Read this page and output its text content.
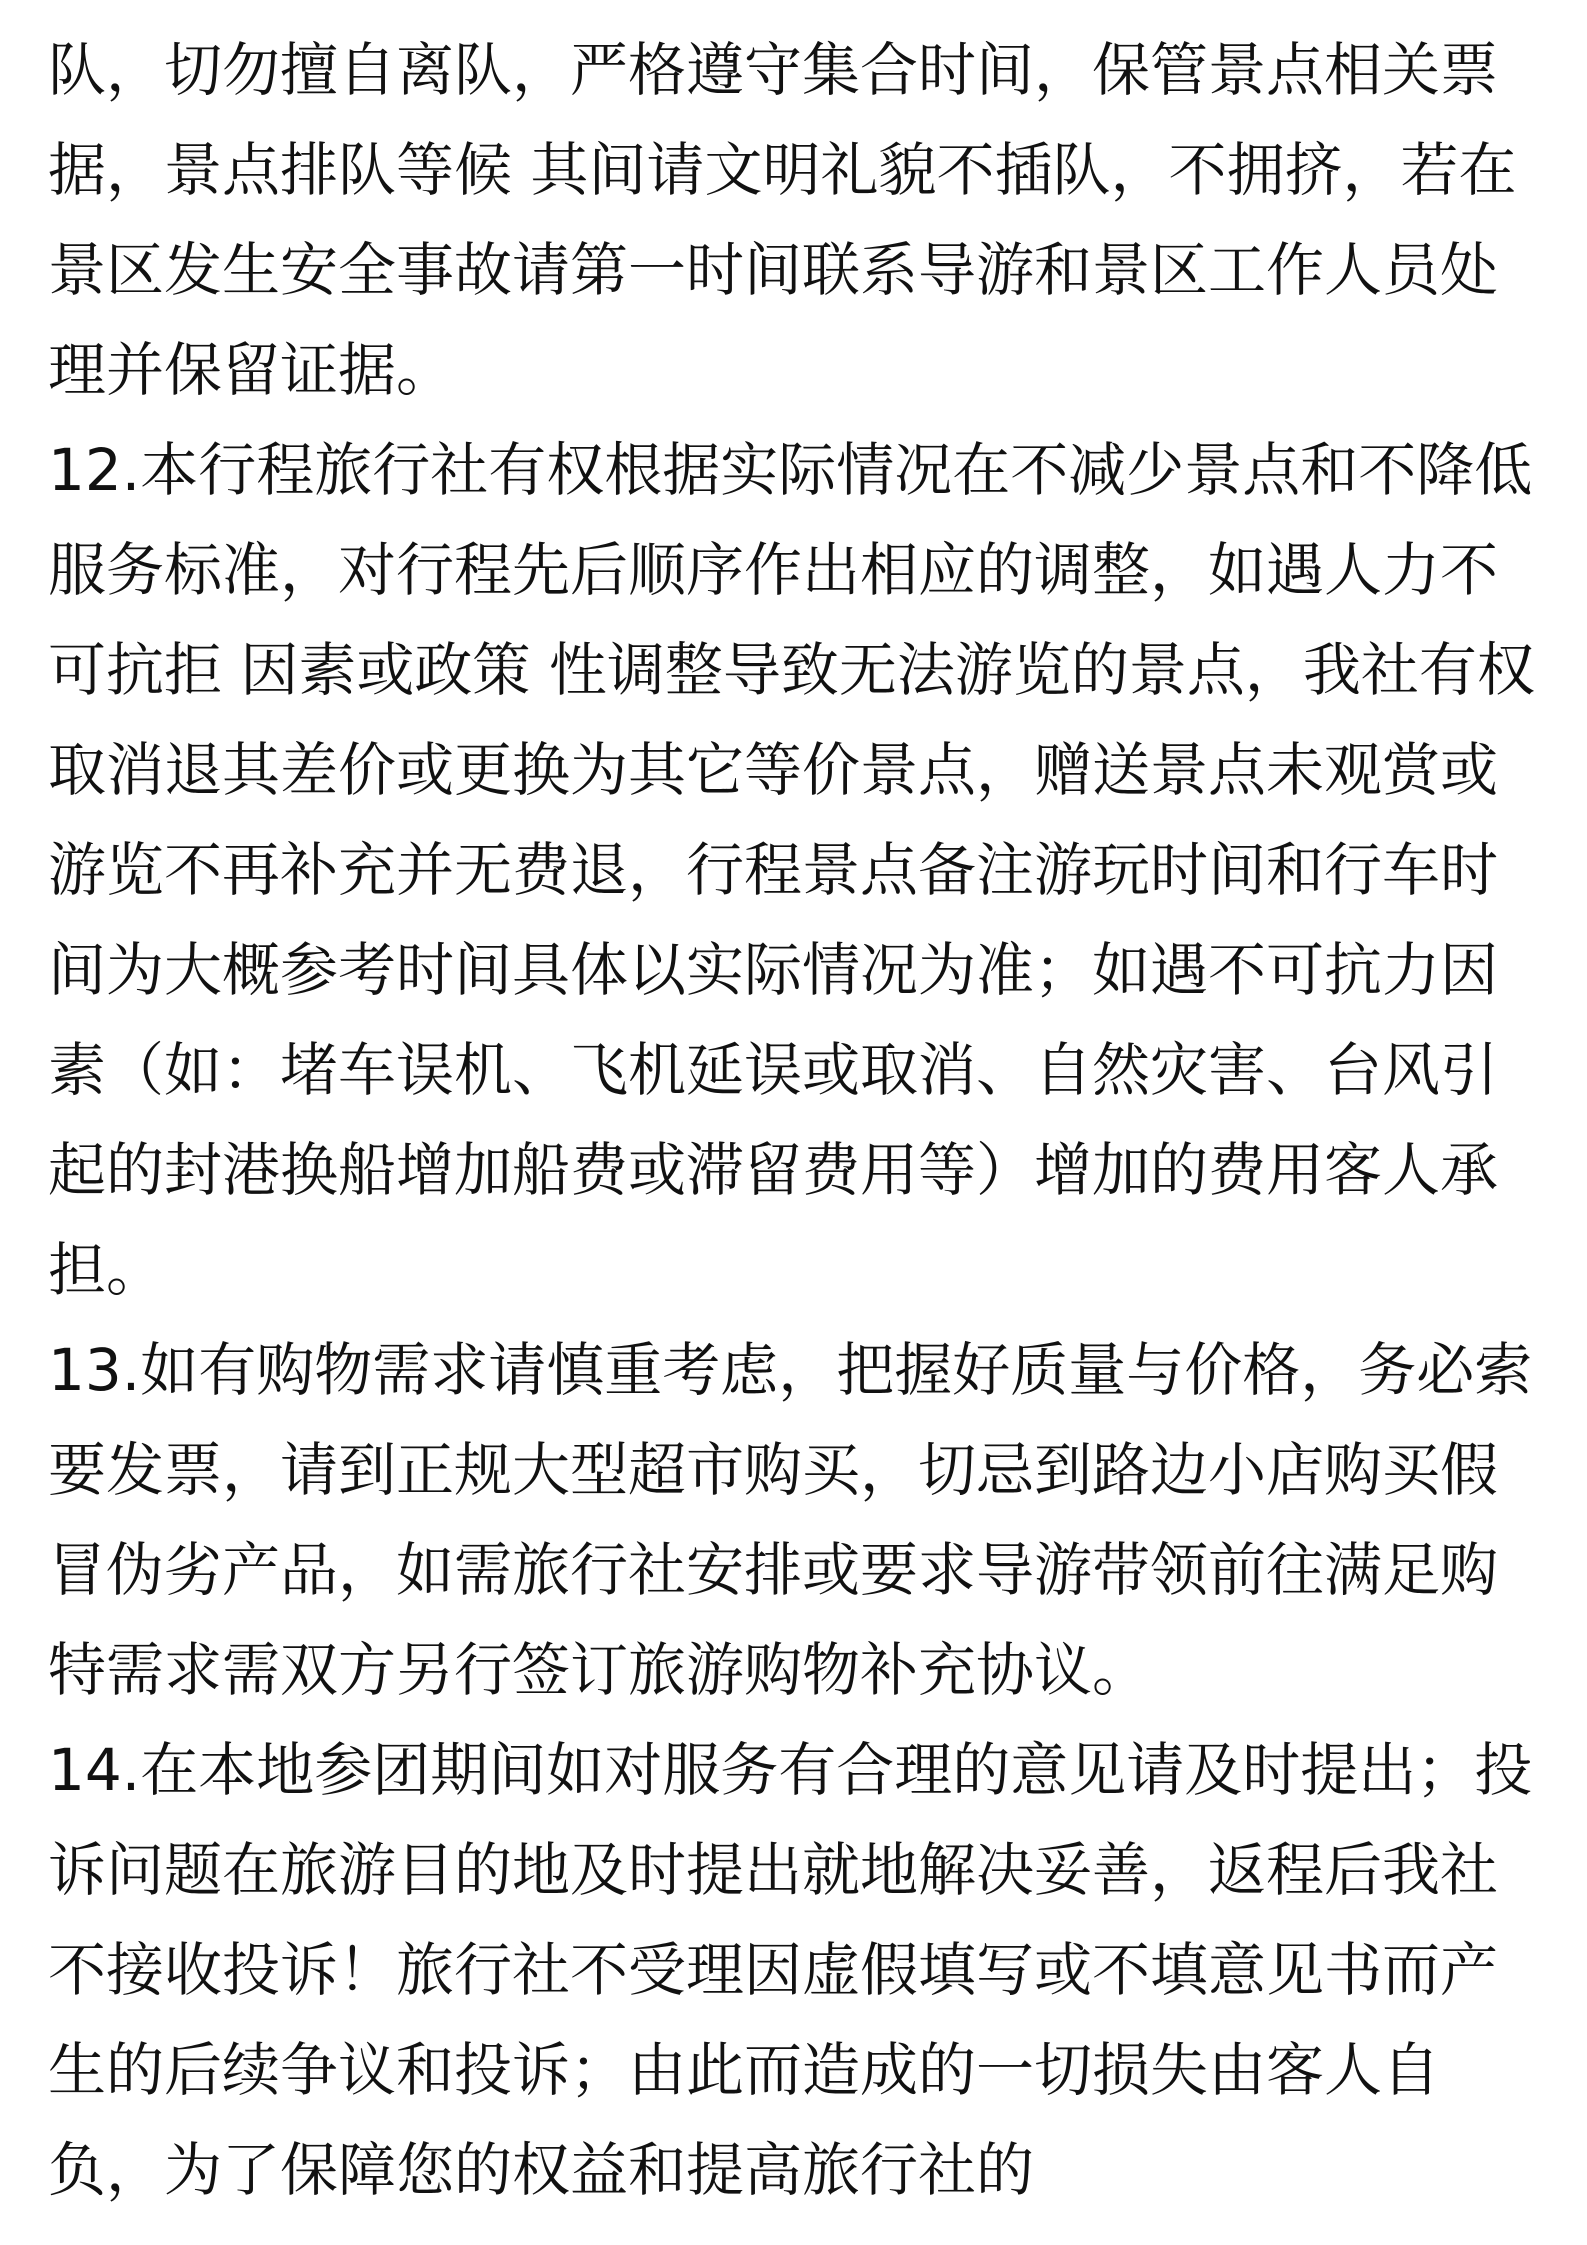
队，切勿擅自离队，严格遵守集合时间，保管景点相关票据，景点排队等候 其间请文明礼貌不插队，不拥挤，若在景区发生安全事故请第一时间联系导游和景区工作人员处理并保留证据。

12.本行程旅行社有权根据实际情况在不减少景点和不降低服务标准，对行程先后顺序作出相应的调整，如遇人力不可抗拒 因素或政策 性调整导致无法游览的景点，我社有权取消退其差价或更换为其它等价景点，赠送景点未观赏或游览不再补充并无费退，行程景点备注游玩时间和行车时间为大概参考时间具体以实际情况为准；如遇不可抗力因素（如：堵车误机、飞机延误或取消、自然灾害、台风引起的封港换船增加船费或滞留费用等）增加的费用客人承担。

13.如有购物需求请慎重考虑，把握好质量与价格，务必索要发票，请到正规大型超市购买，切忌到路边小店购买假冒伪劣产品，如需旅行社安排或要求导游带领前往满足购特需求需双方另行签订旅游购物补充协议。

14.在本地参团期间如对服务有合理的意见请及时提出；投诉问题在旅游目的地及时提出就地解决妥善，返程后我社不接收投诉！旅行社不受理因虚假填写或不填意见书而产生的后续争议和投诉；由此而造成的一切损失由客人自负，为了保障您的权益和提高旅行社的
